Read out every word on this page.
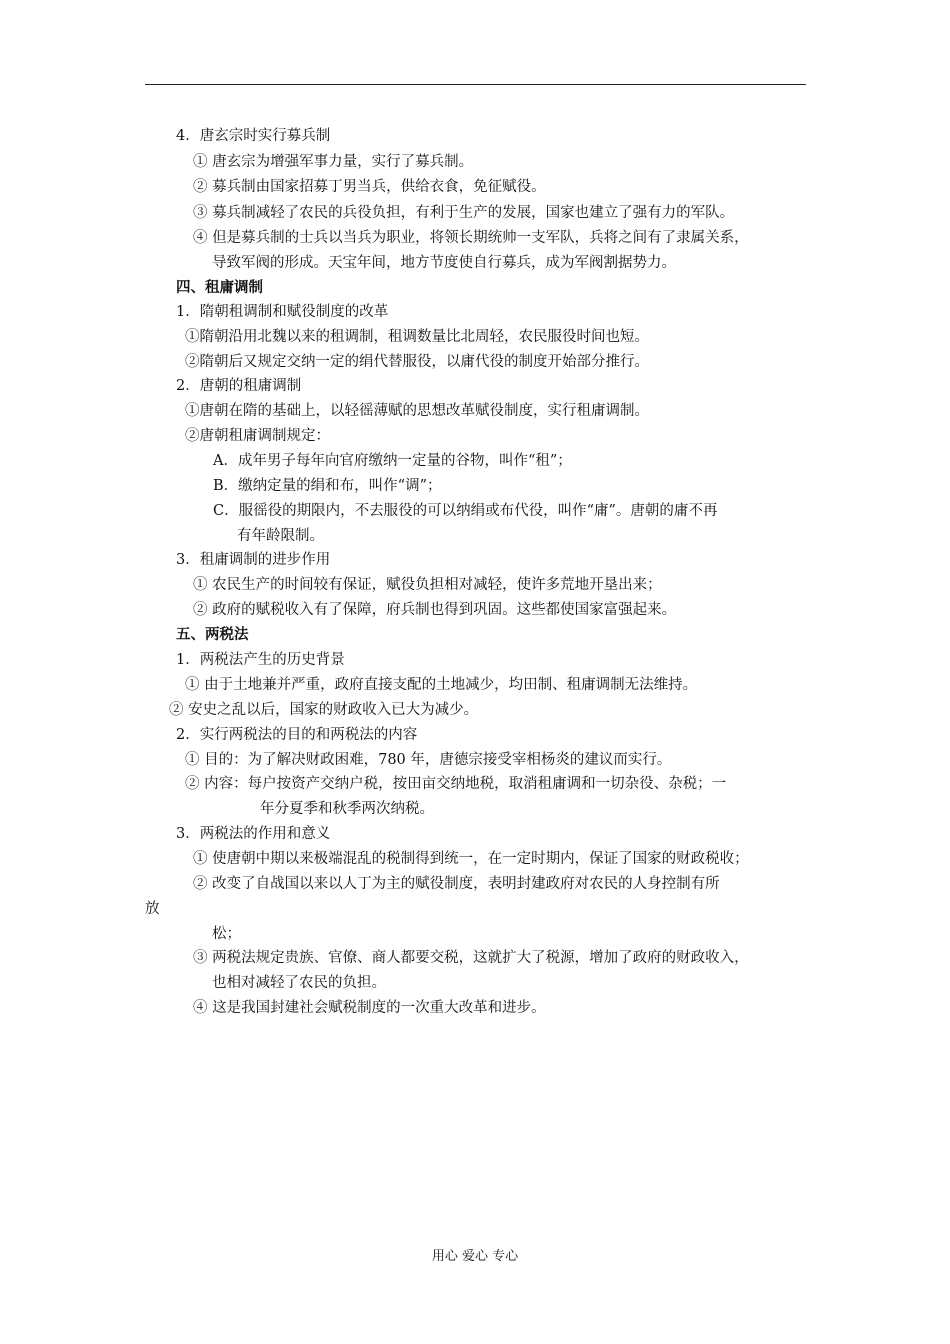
4．唐玄宗时实行募兵制
① 唐玄宗为增强军事力量，实行了募兵制。
② 募兵制由国家招募丁男当兵，供给衣食，免征赋役。
③ 募兵制减轻了农民的兵役负担，有利于生产的发展，国家也建立了强有力的军队。
④ 但是募兵制的士兵以当兵为职业，将领长期统帅一支军队，兵将之间有了隶属关系，
导致军阀的形成。天宝年间，地方节度使自行募兵，成为军阀割据势力。
四、租庸调制
1．隋朝租调制和赋役制度的改革
①隋朝沿用北魏以来的租调制，租调数量比北周轻，农民服役时间也短。
②隋朝后又规定交纳一定的绢代替服役，以庸代役的制度开始部分推行。
2．唐朝的租庸调制
①唐朝在隋的基础上，以轻徭薄赋的思想改革赋役制度，实行租庸调制。
②唐朝租庸调制规定：
A．成年男子每年向官府缴纳一定量的谷物，叫作“租”；
B．缴纳定量的绢和布，叫作“调”；
C．服徭役的期限内，不去服役的可以纳绢或布代役，叫作“庸”。唐朝的庸不再
有年龄限制。
3．租庸调制的进步作用
① 农民生产的时间较有保证，赋役负担相对减轻，使许多荒地开垦出来；
② 政府的赋税收入有了保障，府兵制也得到巩固。这些都使国家富强起来。
五、两税法
1．两税法产生的历史背景
① 由于土地兼并严重，政府直接支配的土地减少，均田制、租庸调制无法维持。
② 安史之乱以后，国家的财政收入已大为减少。
2．实行两税法的目的和两税法的内容
① 目的：为了解决财政困难，780 年，唐德宗接受宰相杨炎的建议而实行。
② 内容：每户按资产交纳户税，按田亩交纳地税，取消租庸调和一切杂役、杂税；一
年分夏季和秋季两次纳税。
3．两税法的作用和意义
① 使唐朝中期以来极端混乱的税制得到统一，在一定时期内，保证了国家的财政税收；
② 改变了自战国以来以人丁为主的赋役制度，表明封建政府对农民的人身控制有所
放
松；
③ 两税法规定贵族、官僚、商人都要交税，这就扩大了税源，增加了政府的财政收入，
也相对减轻了农民的负担。
④ 这是我国封建社会赋税制度的一次重大改革和进步。
用心 爱心 专心
